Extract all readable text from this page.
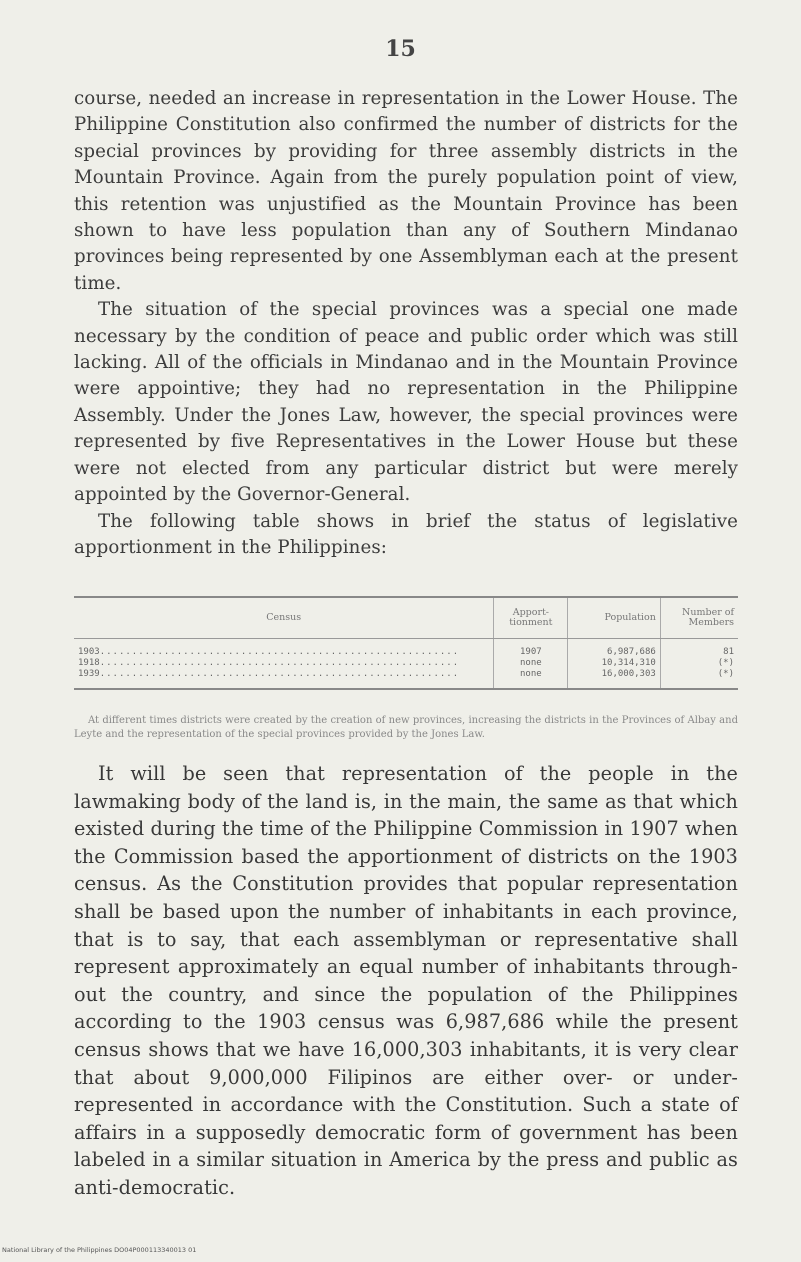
15

course, needed an increase in representation in the Lower House. The Philippine Constitution also confirmed the number of districts for the special provinces by providing for three assembly districts in the Mountain Province. Again from the purely population point of view, this retention was unjustified as the Mountain Province has been shown to have less population than any of Southern Mindanao provinces being represented by one Assemblyman each at the present time.

The situation of the special provinces was a special one made necessary by the condition of peace and public order which was still lacking. All of the officials in Mindanao and in the Mountain Province were appointive; they had no representation in the Philippine Assembly. Under the Jones Law, however, the special provinces were represented by five Representatives in the Lower House but these were not elected from any particular district but were merely appointed by the Governor-General.

The following table shows in brief the status of legislative apportionment in the Philippines:

Census	Apport-tionment	Population	Number of Members
1903........................................................	1907	6,987,686	81
1918........................................................	none	10,314,310	(*)
1939........................................................	none	16,000,303	(*)

At different times districts were created by the creation of new provinces, increasing the districts in the Provinces of Albay and Leyte and the representation of the special provinces provided by the Jones Law.

It will be seen that representation of the people in the lawmaking body of the land is, in the main, the same as that which existed during the time of the Philippine Commission in 1907 when the Commission based the apportionment of districts on the 1903 census. As the Constitution provides that popular representation shall be based upon the number of inhabitants in each province, that is to say, that each assemblyman or representative shall represent approximately an equal number of inhabitants through-out the country, and since the population of the Philippines according to the 1903 census was 6,987,686 while the present census shows that we have 16,000,303 inhabitants, it is very clear that about 9,000,000 Filipinos are either over- or under-represented in accordance with the Constitution. Such a state of affairs in a supposedly democratic form of government has been labeled in a similar situation in America by the press and public as anti-democratic.

National Library of the Philippines DO04P000113340013 01
